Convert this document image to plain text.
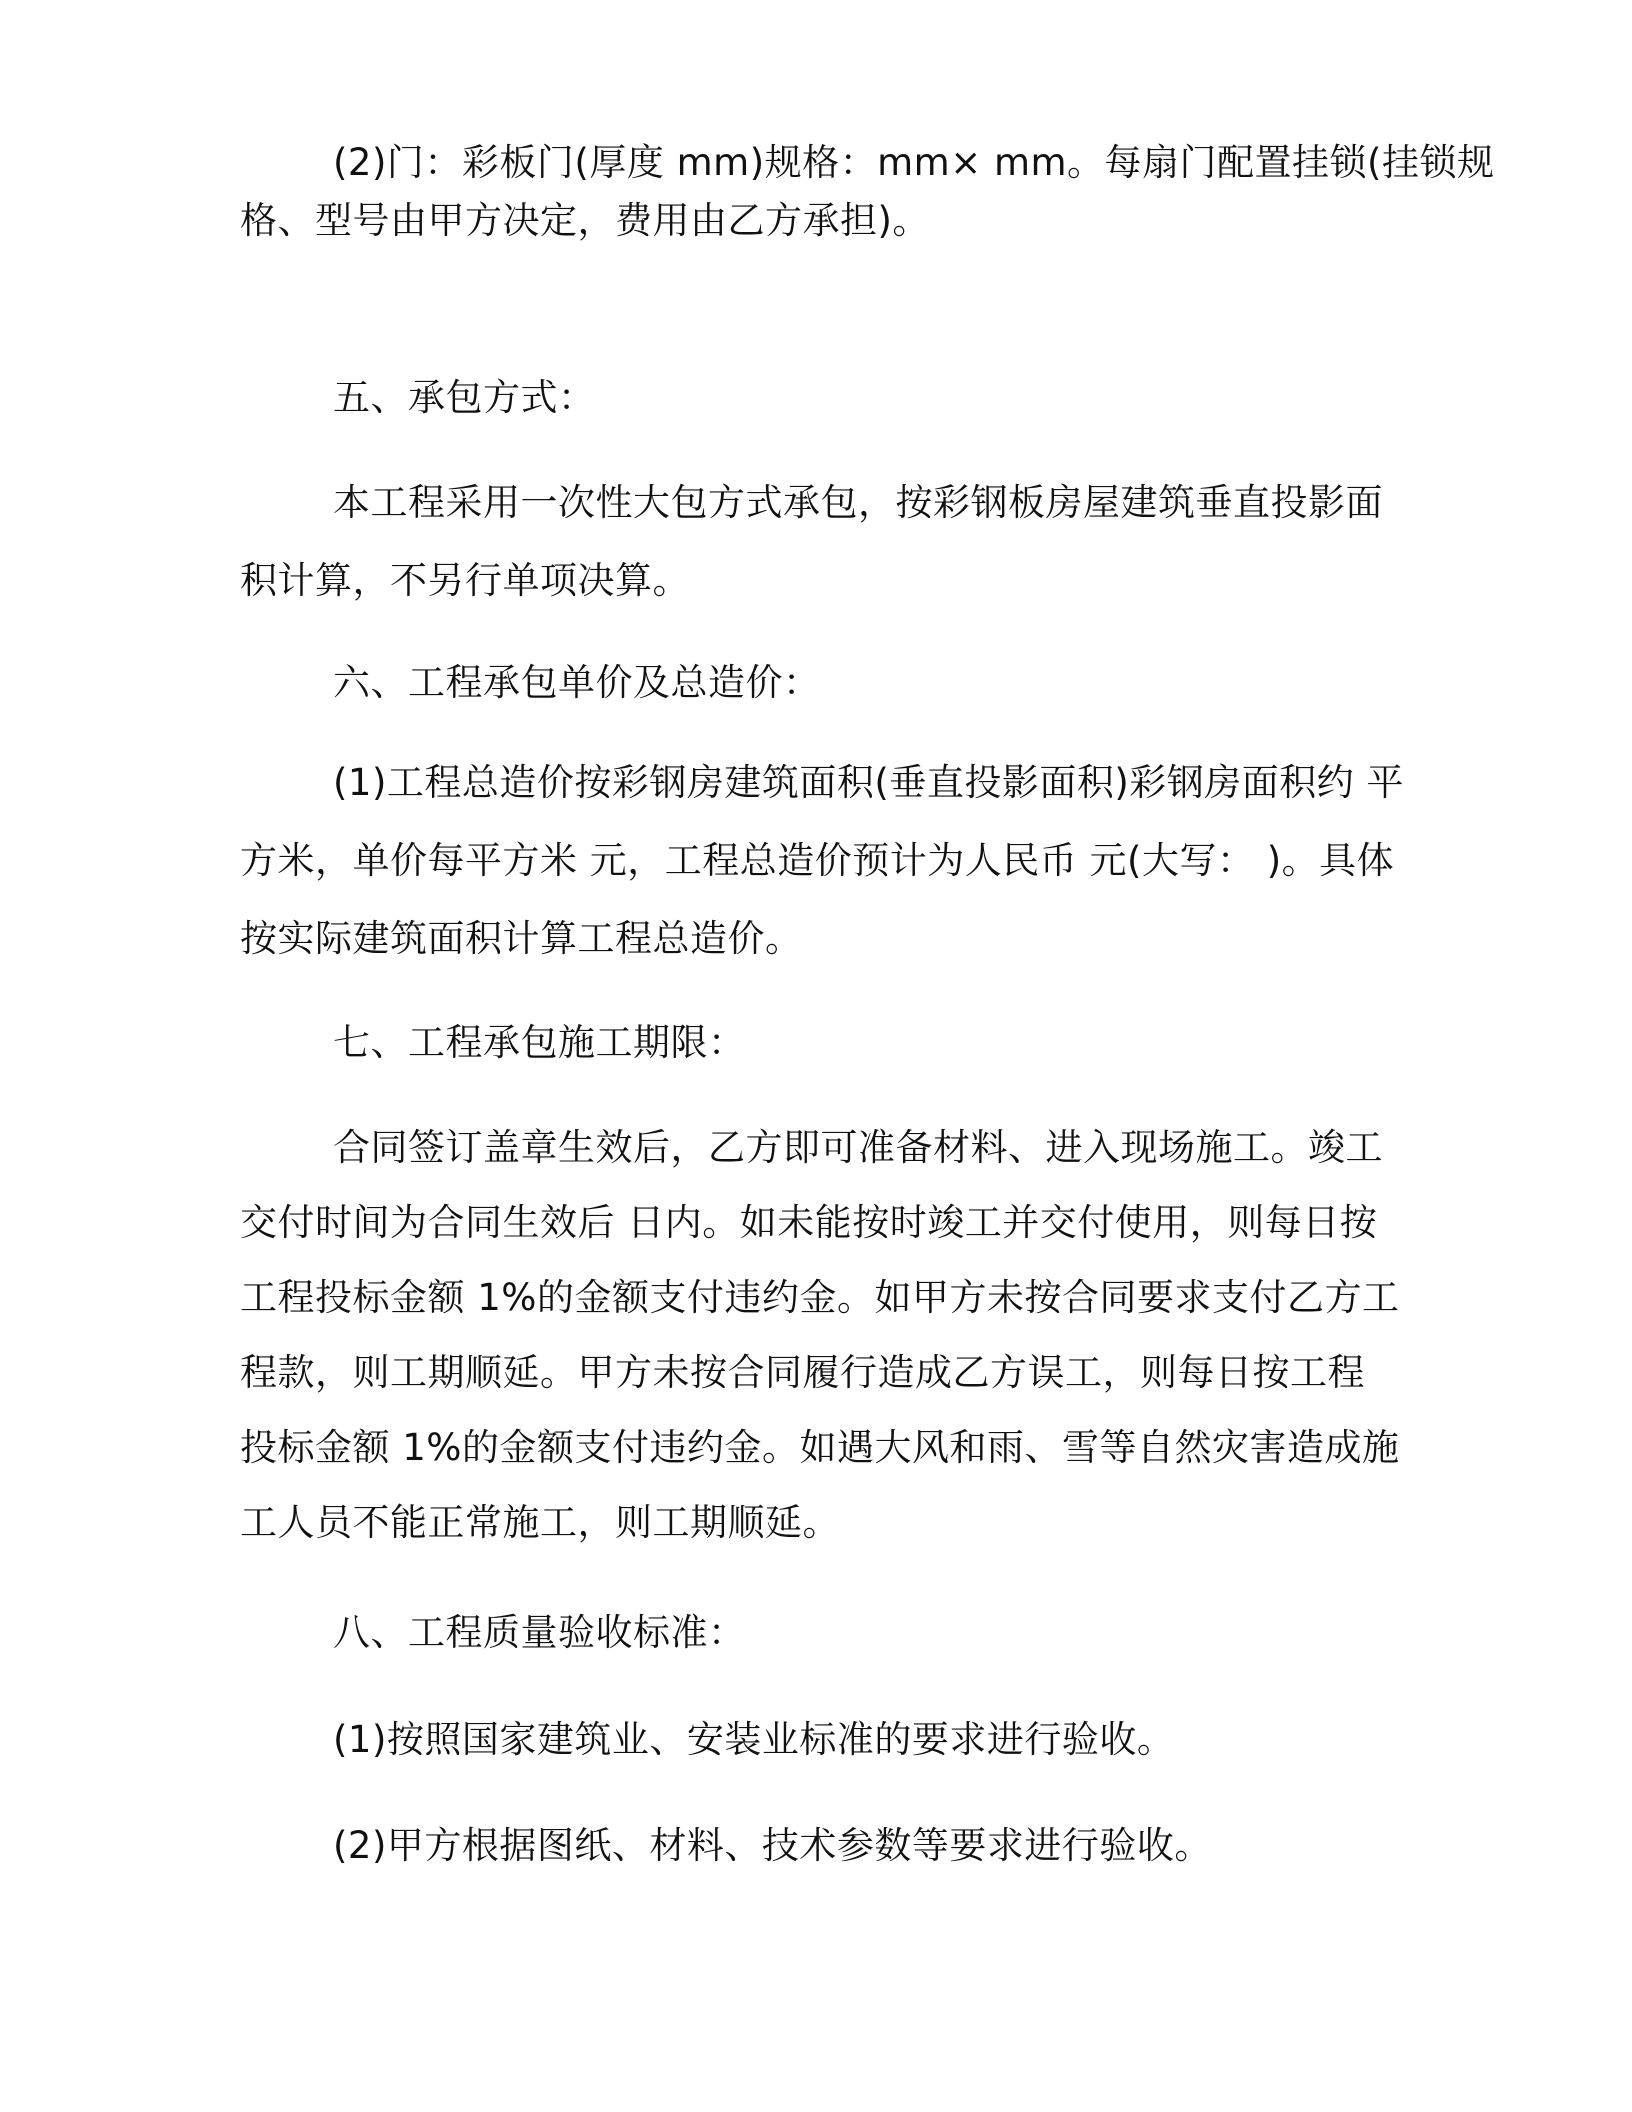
(2)门：彩板门(厚度 mm)规格：mm× mm。每扇门配置挂锁(挂锁规
格、型号由甲方决定，费用由乙方承担)。
五、承包方式：
本工程采用一次性大包方式承包，按彩钢板房屋建筑垂直投影面
积计算，不另行单项决算。
六、工程承包单价及总造价：
(1)工程总造价按彩钢房建筑面积(垂直投影面积)彩钢房面积约 平
方米，单价每平方米 元，工程总造价预计为人民币 元(大写： )。具体
按实际建筑面积计算工程总造价。
七、工程承包施工期限：
合同签订盖章生效后，乙方即可准备材料、进入现场施工。竣工
交付时间为合同生效后 日内。如未能按时竣工并交付使用，则每日按
工程投标金额 1%的金额支付违约金。如甲方未按合同要求支付乙方工
程款，则工期顺延。甲方未按合同履行造成乙方误工，则每日按工程
投标金额 1%的金额支付违约金。如遇大风和雨、雪等自然灾害造成施
工人员不能正常施工，则工期顺延。
八、工程质量验收标准：
(1)按照国家建筑业、安装业标准的要求进行验收。
(2)甲方根据图纸、材料、技术参数等要求进行验收。
